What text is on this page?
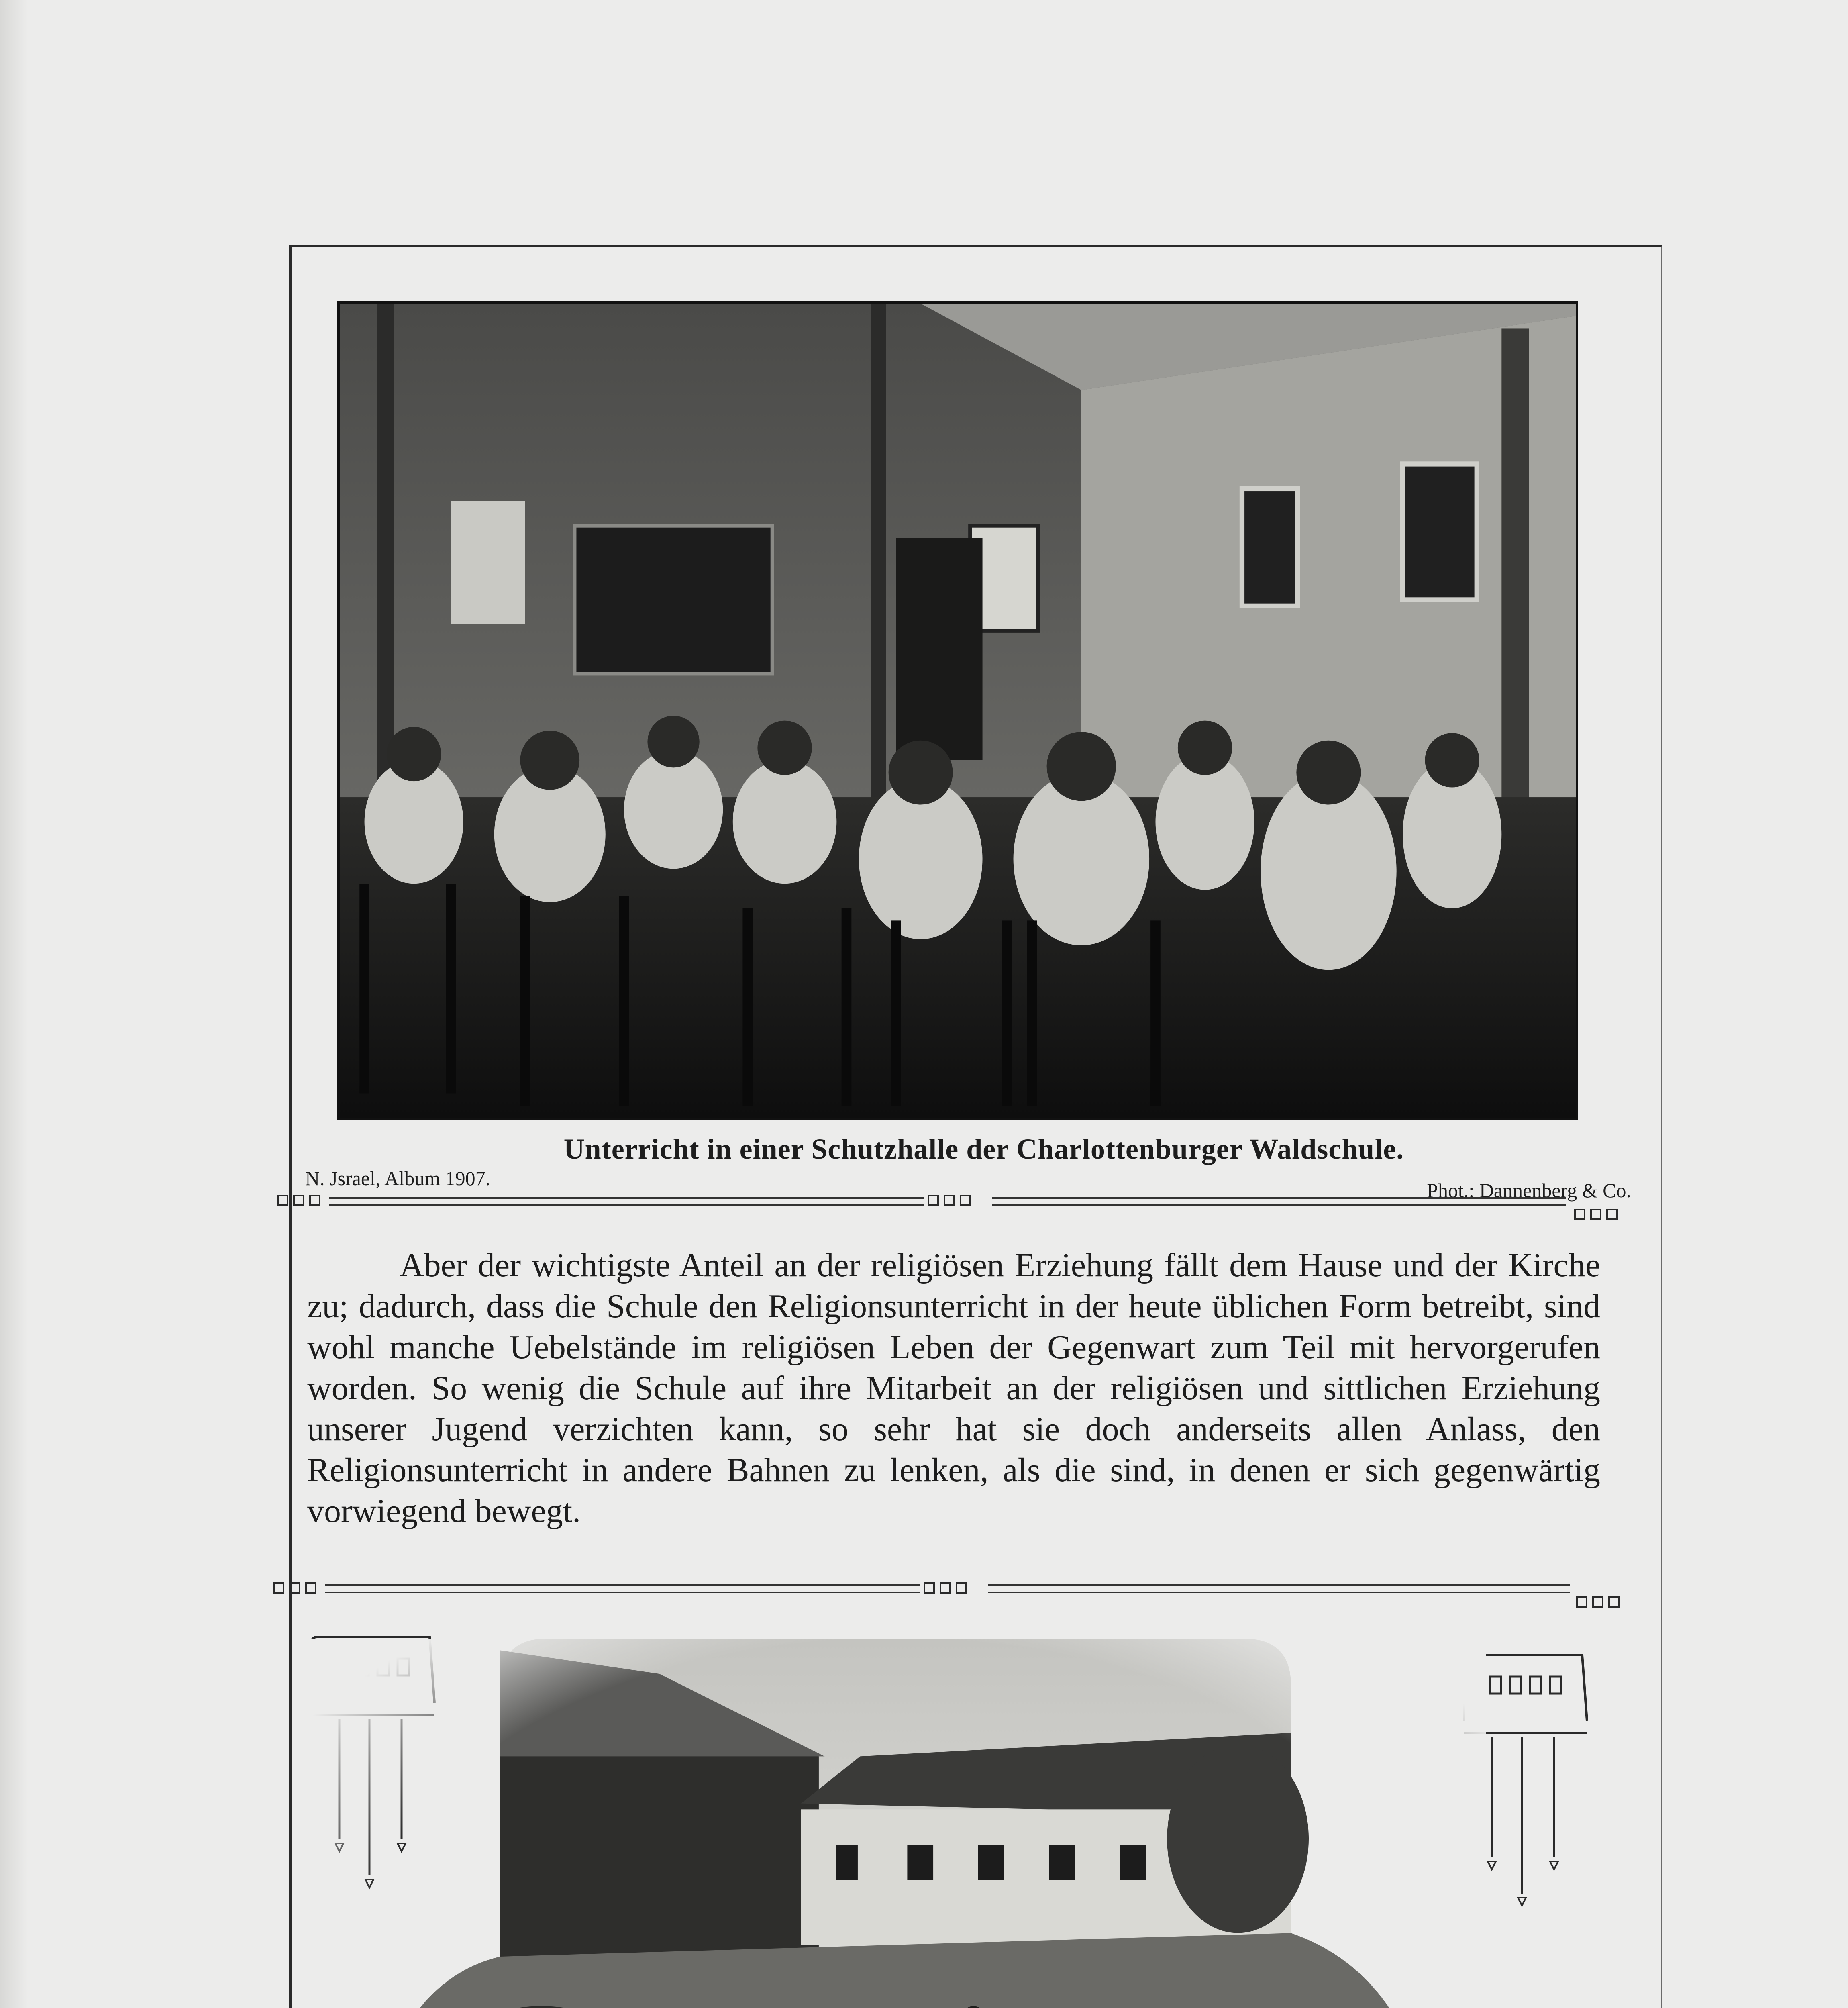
Unterricht in einer Schutzhalle der Charlottenburger Waldschule.
N. Jsrael, Album 1907.
Phot.: Dannenberg & Co.

Aber der wichtigste Anteil an der religiösen Erziehung fällt dem Hause und der Kirche zu; dadurch, dass die Schule den Religionsunterricht in der heute üblichen Form betreibt, sind wohl manche Uebelstände im religiösen Leben der Gegenwart zum Teil mit hervorgerufen worden. So wenig die Schule auf ihre Mitarbeit an der religiösen und sittlichen Erziehung unserer Jugend verzichten kann, so sehr hat sie doch anderseits allen Anlass, den Religionsunterricht in andere Bahnen zu lenken, als die sind, in denen er sich gegenwärtig vorwiegend bewegt.
